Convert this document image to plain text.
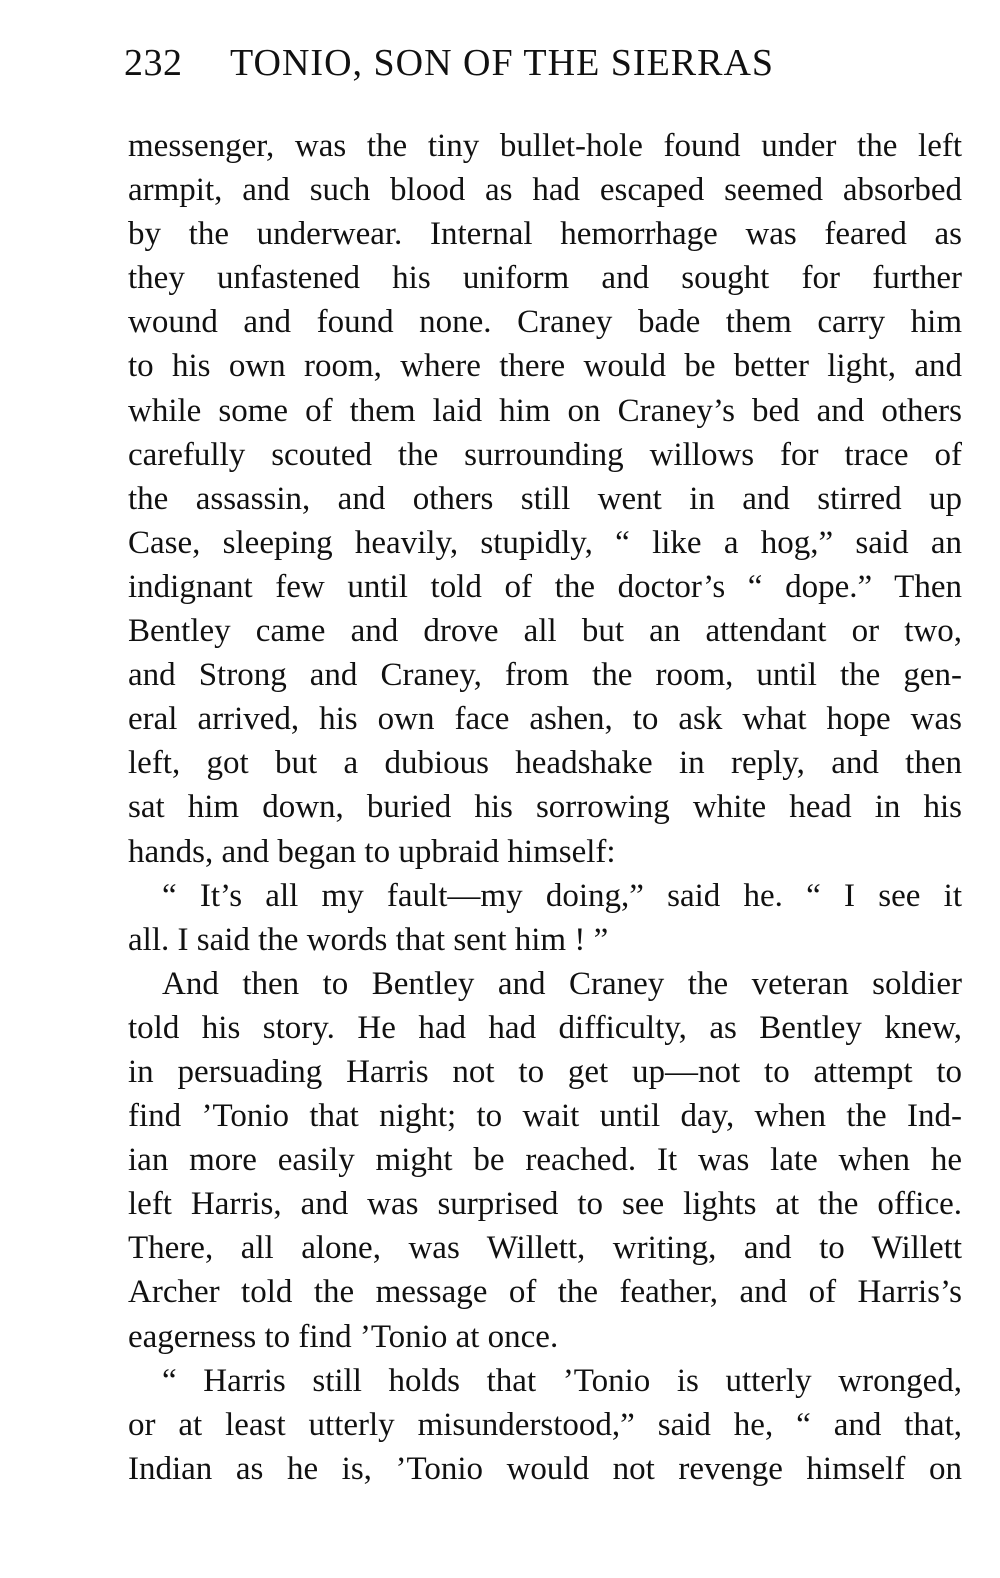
232 TONIO, SON OF THE SIERRAS
messenger, was the tiny bullet-hole found under the left
armpit, and such blood as had escaped seemed absorbed
by the underwear. Internal hemorrhage was feared as
they unfastened his uniform and sought for further
wound and found none. Craney bade them carry him
to his own room, where there would be better light, and
while some of them laid him on Craney’s bed and others
carefully scouted the surrounding willows for trace of
the assassin, and others still went in and stirred up
Case, sleeping heavily, stupidly, “ like a hog,” said an
indignant few until told of the doctor’s “ dope.” Then
Bentley came and drove all but an attendant or two,
and Strong and Craney, from the room, until the gen-
eral arrived, his own face ashen, to ask what hope was
left, got but a dubious headshake in reply, and then
sat him down, buried his sorrowing white head in his
hands, and began to upbraid himself:
“ It’s all my fault—my doing,” said he. “ I see it
all. I said the words that sent him ! ”
And then to Bentley and Craney the veteran soldier
told his story. He had had difficulty, as Bentley knew,
in persuading Harris not to get up—not to attempt to
find ’Tonio that night; to wait until day, when the Ind-
ian more easily might be reached. It was late when he
left Harris, and was surprised to see lights at the office.
There, all alone, was Willett, writing, and to Willett
Archer told the message of the feather, and of Harris’s
eagerness to find ’Tonio at once.
“ Harris still holds that ’Tonio is utterly wronged,
or at least utterly misunderstood,” said he, “ and that,
Indian as he is, ’Tonio would not revenge himself on
